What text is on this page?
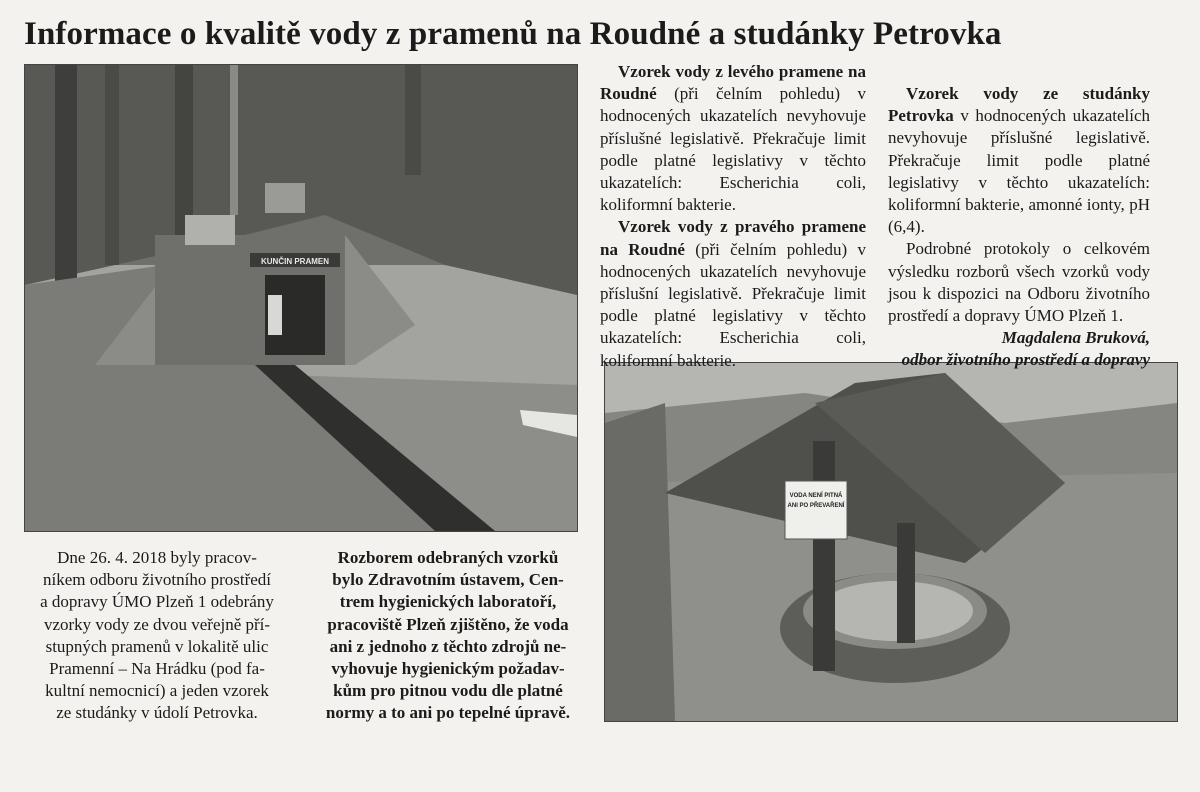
Informace o kvalitě vody z pramenů na Roudné a studánky Petrovka
KUNČIN PRAMEN
VODA NENÍ PITNÁ
ANI PO PŘEVAŘENÍ

Dne 26. 4. 2018 byly pracov-

níkem odboru životního prostředí

a dopravy ÚMO Plzeň 1 odebrány

vzorky vody ze dvou veřejně pří-

stupných pramenů v lokalitě ulic

Pramenní – Na Hrádku (pod fa-

kultní nemocnicí) a jeden vzorek

ze studánky v údolí Petrovka.

Rozborem odebraných vzorků

bylo Zdravotním ústavem, Cen-

trem hygienických laboratoří,

pracoviště Plzeň zjištěno, že voda

ani z jednoho z těchto zdrojů ne-

vyhovuje hygienickým požadav-

kům pro pitnou vodu dle platné

normy a to ani po tepelné úpravě.

Vzorek vody z levého pramene na Roudné (při čelním pohledu) v hodnocených ukazatelích nevyhovuje příslušné legislativě. Překračuje limit podle platné legislativy v těchto ukazatelích: Escherichia coli, koliformní bakterie.

Vzorek vody z pravého pramene na Roudné (při čelním pohledu) v hodnocených ukazatelích nevyhovuje příslušní legislativě. Překračuje limit podle platné legislativy v těchto ukazatelích: Escherichia coli, koliformní bakterie.

Vzorek vody ze studánky Petrovka v hodnocených ukazatelích nevyhovuje příslušné legislativě. Překračuje limit podle platné legislativy v těchto ukazatelích: koliformní bakterie, amonné ionty, pH (6,4).

Podrobné protokoly o celkovém výsledku rozborů všech vzorků vody jsou k dispozici na Odboru životního prostředí a dopravy ÚMO Plzeň 1.

Magdalena Bruková,

odbor životního prostředí a dopravy
